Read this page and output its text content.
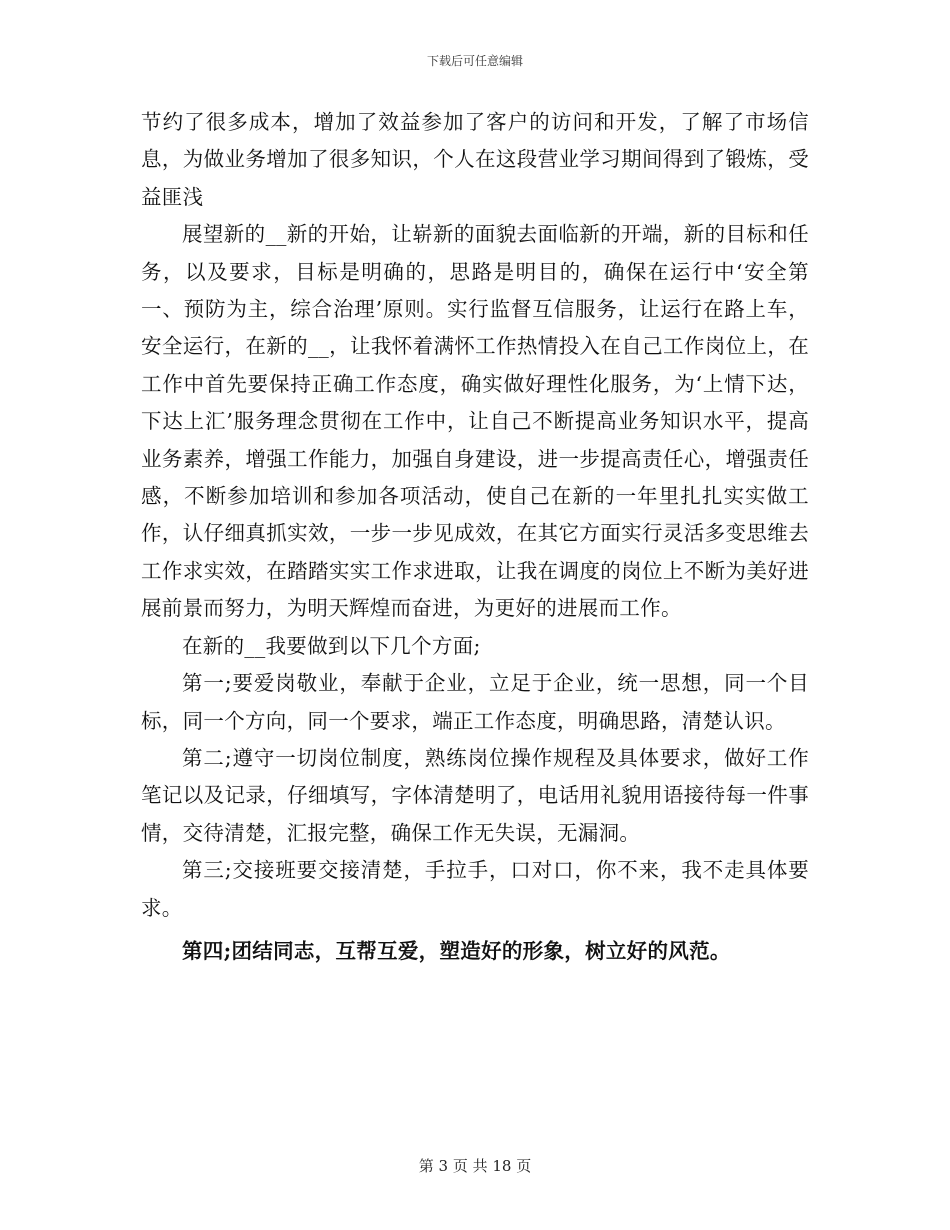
下载后可任意编辑

节约了很多成本，增加了效益参加了客户的访问和开发，了解了市场信息，为做业务增加了很多知识，个人在这段营业学习期间得到了锻炼，受益匪浅

展望新的__新的开始，让崭新的面貌去面临新的开端，新的目标和任务，以及要求，目标是明确的，思路是明目的，确保在运行中‘安全第一、预防为主，综合治理’原则。实行监督互信服务，让运行在路上车，安全运行，在新的__，让我怀着满怀工作热情投入在自己工作岗位上，在工作中首先要保持正确工作态度，确实做好理性化服务，为‘上情下达，下达上汇’服务理念贯彻在工作中，让自己不断提高业务知识水平，提高业务素养，增强工作能力，加强自身建设，进一步提高责任心，增强责任感，不断参加培训和参加各项活动，使自己在新的一年里扎扎实实做工作，认仔细真抓实效，一步一步见成效，在其它方面实行灵活多变思维去工作求实效，在踏踏实实工作求进取，让我在调度的岗位上不断为美好进展前景而努力，为明天辉煌而奋进，为更好的进展而工作。

在新的__我要做到以下几个方面;

第一;要爱岗敬业，奉献于企业，立足于企业，统一思想，同一个目标，同一个方向，同一个要求，端正工作态度，明确思路，清楚认识。

第二;遵守一切岗位制度，熟练岗位操作规程及具体要求，做好工作笔记以及记录，仔细填写，字体清楚明了，电话用礼貌用语接待每一件事情，交待清楚，汇报完整，确保工作无失误，无漏洞。

第三;交接班要交接清楚，手拉手，口对口，你不来，我不走具体要求。

第四;团结同志，互帮互爱，塑造好的形象，树立好的风范。

第 3 页 共 18 页
